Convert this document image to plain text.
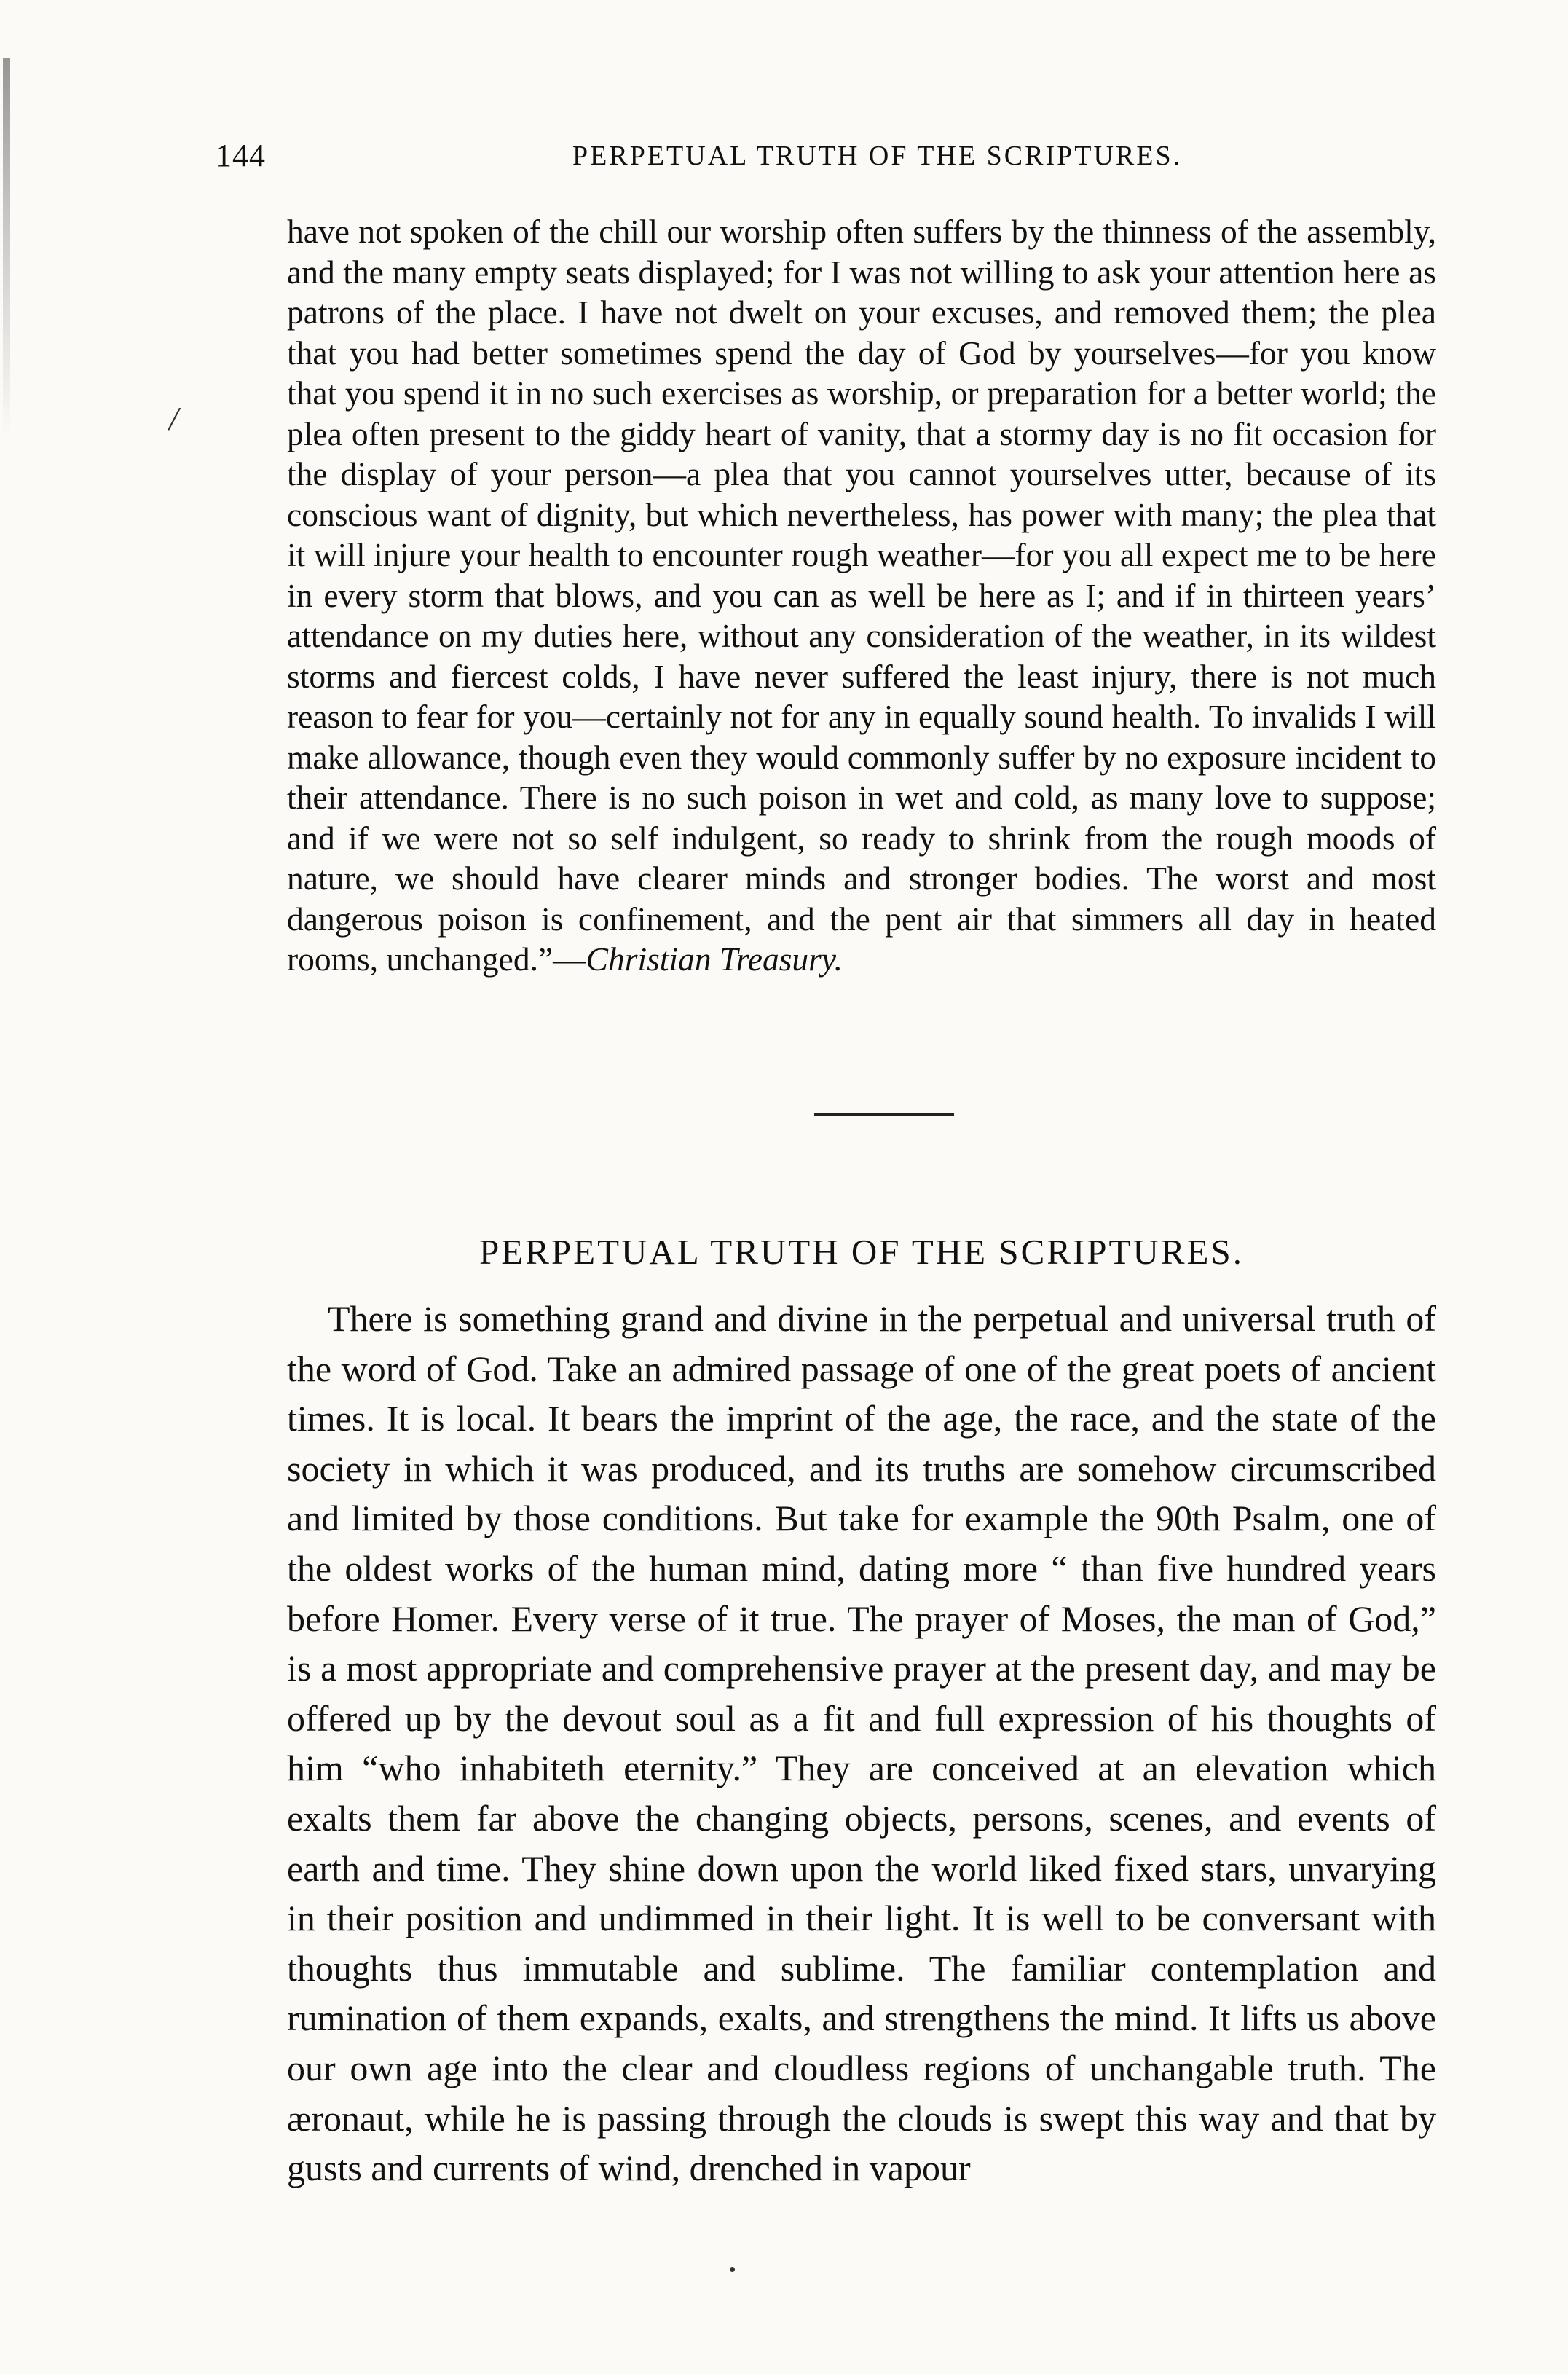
/
144	PERPETUAL TRUTH OF THE SCRIPTURES.

have not spoken of the chill our worship often suffers by the thinness of the assembly, and the many empty seats displayed; for I was not willing to ask your attention here as patrons of the place. I have not dwelt on your excuses, and removed them; the plea that you had better sometimes spend the day of God by yourselves—for you know that you spend it in no such exercises as worship, or preparation for a better world; the plea often present to the giddy heart of vanity, that a stormy day is no fit occasion for the display of your person—a plea that you cannot yourselves utter, because of its conscious want of dignity, but which nevertheless, has power with many; the plea that it will injure your health to encounter rough weather—for you all expect me to be here in every storm that blows, and you can as well be here as I; and if in thirteen years’ attendance on my duties here, without any consideration of the weather, in its wildest storms and fiercest colds, I have never suffered the least injury, there is not much reason to fear for you—certainly not for any in equally sound health. To invalids I will make allowance, though even they would commonly suffer by no exposure incident to their attendance. There is no such poison in wet and cold, as many love to suppose; and if we were not so self indulgent, so ready to shrink from the rough moods of nature, we should have clearer minds and stronger bodies. The worst and most dangerous poison is confinement, and the pent air that simmers all day in heated rooms, unchanged.”—Christian Treasury.

PERPETUAL TRUTH OF THE SCRIPTURES.

There is something grand and divine in the perpetual and universal truth of the word of God. Take an admired passage of one of the great poets of ancient times. It is local. It bears the imprint of the age, the race, and the state of the society in which it was produced, and its truths are somehow circumscribed and limited by those conditions. But take for example the 90th Psalm, one of the oldest works of the human mind, dating more “ than five hundred years before Homer. Every verse of it true. The prayer of Moses, the man of God,” is a most appropriate and comprehensive prayer at the present day, and may be offered up by the devout soul as a fit and full expression of his thoughts of him “who inhabiteth eternity.” They are conceived at an elevation which exalts them far above the changing objects, persons, scenes, and events of earth and time. They shine down upon the world liked fixed stars, unvarying in their position and undimmed in their light. It is well to be conversant with thoughts thus immutable and sublime. The familiar contemplation and rumination of them expands, exalts, and strengthens the mind. It lifts us above our own age into the clear and cloudless regions of unchangable truth. The æronaut, while he is passing through the clouds is swept this way and that by gusts and currents of wind, drenched in vapour
